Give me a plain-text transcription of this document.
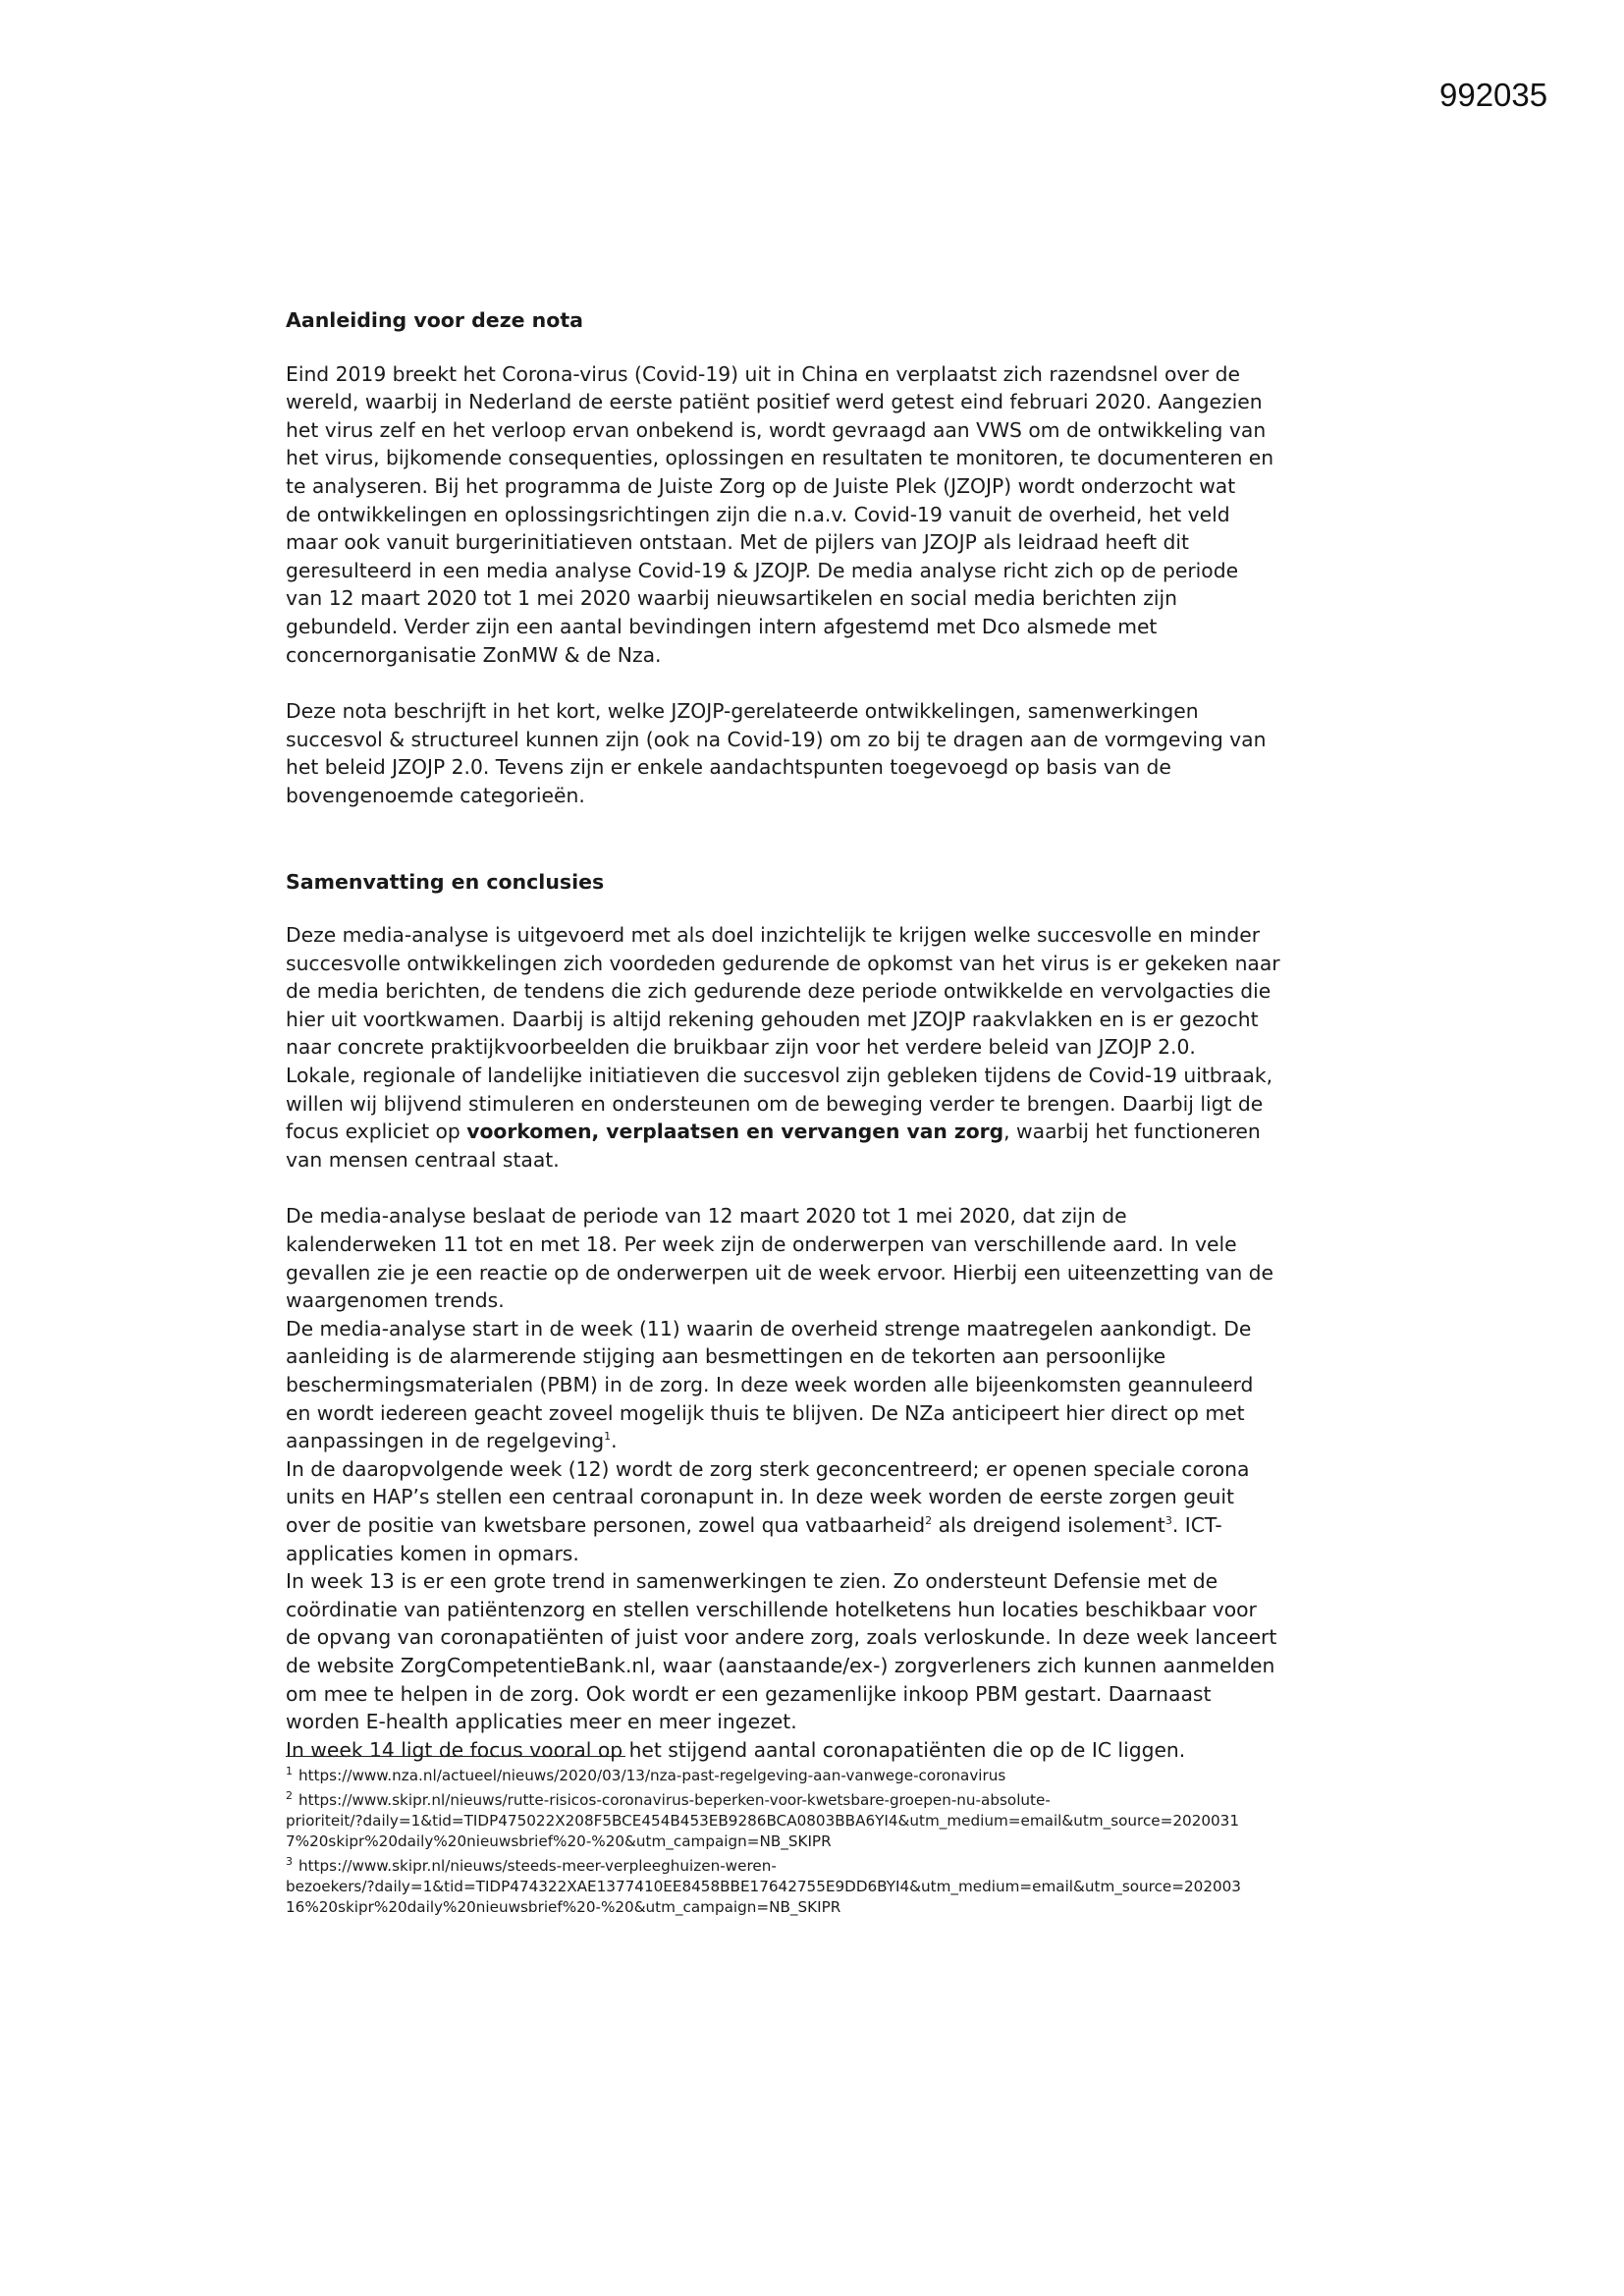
992035
Aanleiding voor deze nota
Eind 2019 breekt het Corona-virus (Covid-19) uit in China en verplaatst zich razendsnel over de
wereld, waarbij in Nederland de eerste patiënt positief werd getest eind februari 2020. Aangezien
het virus zelf en het verloop ervan onbekend is, wordt gevraagd aan VWS om de ontwikkeling van
het virus, bijkomende consequenties, oplossingen en resultaten te monitoren, te documenteren en
te analyseren. Bij het programma de Juiste Zorg op de Juiste Plek (JZOJP) wordt onderzocht wat
de ontwikkelingen en oplossingsrichtingen zijn die n.a.v. Covid-19 vanuit de overheid, het veld
maar ook vanuit burgerinitiatieven ontstaan. Met de pijlers van JZOJP als leidraad heeft dit
geresulteerd in een media analyse Covid-19 & JZOJP. De media analyse richt zich op de periode
van 12 maart 2020 tot 1 mei 2020 waarbij nieuwsartikelen en social media berichten zijn
gebundeld. Verder zijn een aantal bevindingen intern afgestemd met Dco alsmede met
concernorganisatie ZonMW & de Nza.
Deze nota beschrijft in het kort, welke JZOJP-gerelateerde ontwikkelingen, samenwerkingen
succesvol & structureel kunnen zijn (ook na Covid-19) om zo bij te dragen aan de vormgeving van
het beleid JZOJP 2.0. Tevens zijn er enkele aandachtspunten toegevoegd op basis van de
bovengenoemde categorieën.
Samenvatting en conclusies
Deze media-analyse is uitgevoerd met als doel inzichtelijk te krijgen welke succesvolle en minder
succesvolle ontwikkelingen zich voordeden gedurende de opkomst van het virus is er gekeken naar
de media berichten, de tendens die zich gedurende deze periode ontwikkelde en vervolgacties die
hier uit voortkwamen. Daarbij is altijd rekening gehouden met JZOJP raakvlakken en is er gezocht
naar concrete praktijkvoorbeelden die bruikbaar zijn voor het verdere beleid van JZOJP 2.0.
Lokale, regionale of landelijke initiatieven die succesvol zijn gebleken tijdens de Covid-19 uitbraak,
willen wij blijvend stimuleren en ondersteunen om de beweging verder te brengen. Daarbij ligt de
focus expliciet op voorkomen, verplaatsen en vervangen van zorg, waarbij het functioneren
van mensen centraal staat.
De media-analyse beslaat de periode van 12 maart 2020 tot 1 mei 2020, dat zijn de
kalenderweken 11 tot en met 18. Per week zijn de onderwerpen van verschillende aard. In vele
gevallen zie je een reactie op de onderwerpen uit de week ervoor. Hierbij een uiteenzetting van de
waargenomen trends.
De media-analyse start in de week (11) waarin de overheid strenge maatregelen aankondigt. De
aanleiding is de alarmerende stijging aan besmettingen en de tekorten aan persoonlijke
beschermingsmaterialen (PBM) in de zorg. In deze week worden alle bijeenkomsten geannuleerd
en wordt iedereen geacht zoveel mogelijk thuis te blijven. De NZa anticipeert hier direct op met
aanpassingen in de regelgeving$^1$.
In de daaropvolgende week (12) wordt de zorg sterk geconcentreerd; er openen speciale corona
units en HAP’s stellen een centraal coronapunt in. In deze week worden de eerste zorgen geuit
over de positie van kwetsbare personen, zowel qua vatbaarheid$^2$ als dreigend isolement$^3$. ICT-
applicaties komen in opmars.
In week 13 is er een grote trend in samenwerkingen te zien. Zo ondersteunt Defensie met de
coördinatie van patiëntenzorg en stellen verschillende hotelketens hun locaties beschikbaar voor
de opvang van coronapatiënten of juist voor andere zorg, zoals verloskunde. In deze week lanceert
de website ZorgCompetentieBank.nl, waar (aanstaande/ex-) zorgverleners zich kunnen aanmelden
om mee te helpen in de zorg. Ook wordt er een gezamenlijke inkoop PBM gestart. Daarnaast
worden E-health applicaties meer en meer ingezet.
In week 14 ligt de focus vooral op het stijgend aantal coronapatiënten die op de IC liggen.
$^1$ https://www.nza.nl/actueel/nieuws/2020/03/13/nza-past-regelgeving-aan-vanwege-coronavirus
$^2$ https://www.skipr.nl/nieuws/rutte-risicos-coronavirus-beperken-voor-kwetsbare-groepen-nu-absolute-
prioriteit/?daily=1&tid=TIDP475022X208F5BCE454B453EB9286BCA0803BBA6YI4&utm_medium=email&utm_source=2020031
7%20skipr%20daily%20nieuwsbrief%20-%20&utm_campaign=NB_SKIPR
$^3$ https://www.skipr.nl/nieuws/steeds-meer-verpleeghuizen-weren-
bezoekers/?daily=1&tid=TIDP474322XAE1377410EE8458BBE17642755E9DD6BYI4&utm_medium=email&utm_source=202003
16%20skipr%20daily%20nieuwsbrief%20-%20&utm_campaign=NB_SKIPR
